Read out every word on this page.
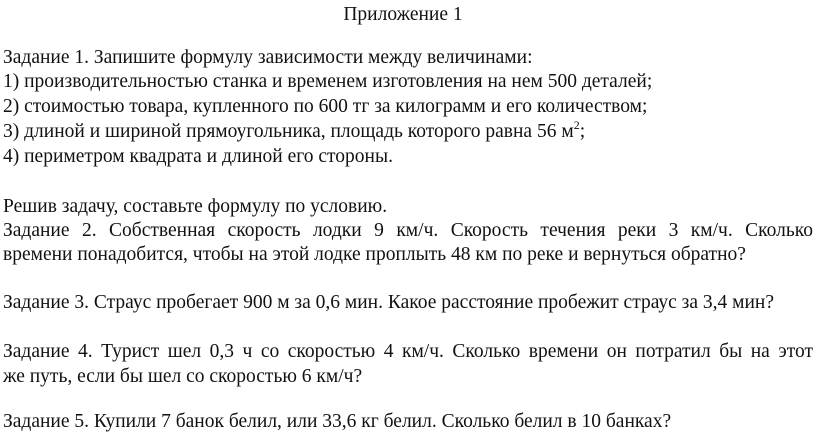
Приложение 1
Задание 1. Запишите формулу зависимости между величинами:
1) производительностью станка и временем изготовления на нем 500 деталей;
2) стоимостью товара, купленного по 600 тг за килограмм и его количеством;
3) длиной и шириной прямоугольника, площадь которого равна 56 $м^2$;
4) периметром квадрата и длиной его стороны.
Решив задачу, составьте формулу по условию.
Задание 2. Собственная скорость лодки 9 км/ч. Скорость течения реки 3 км/ч. Сколько
времени понадобится, чтобы на этой лодке проплыть 48 км по реке и вернуться обратно?
Задание 3. Страус пробегает 900 м за 0,6 мин. Какое расстояние пробежит страус за 3,4 мин?
Задание 4. Турист шел 0,3 ч со скоростью 4 км/ч. Сколько времени он потратил бы на этот
же путь, если бы шел со скоростью 6 км/ч?
Задание 5. Купили 7 банок белил, или 33,6 кг белил. Сколько белил в 10 банках?
